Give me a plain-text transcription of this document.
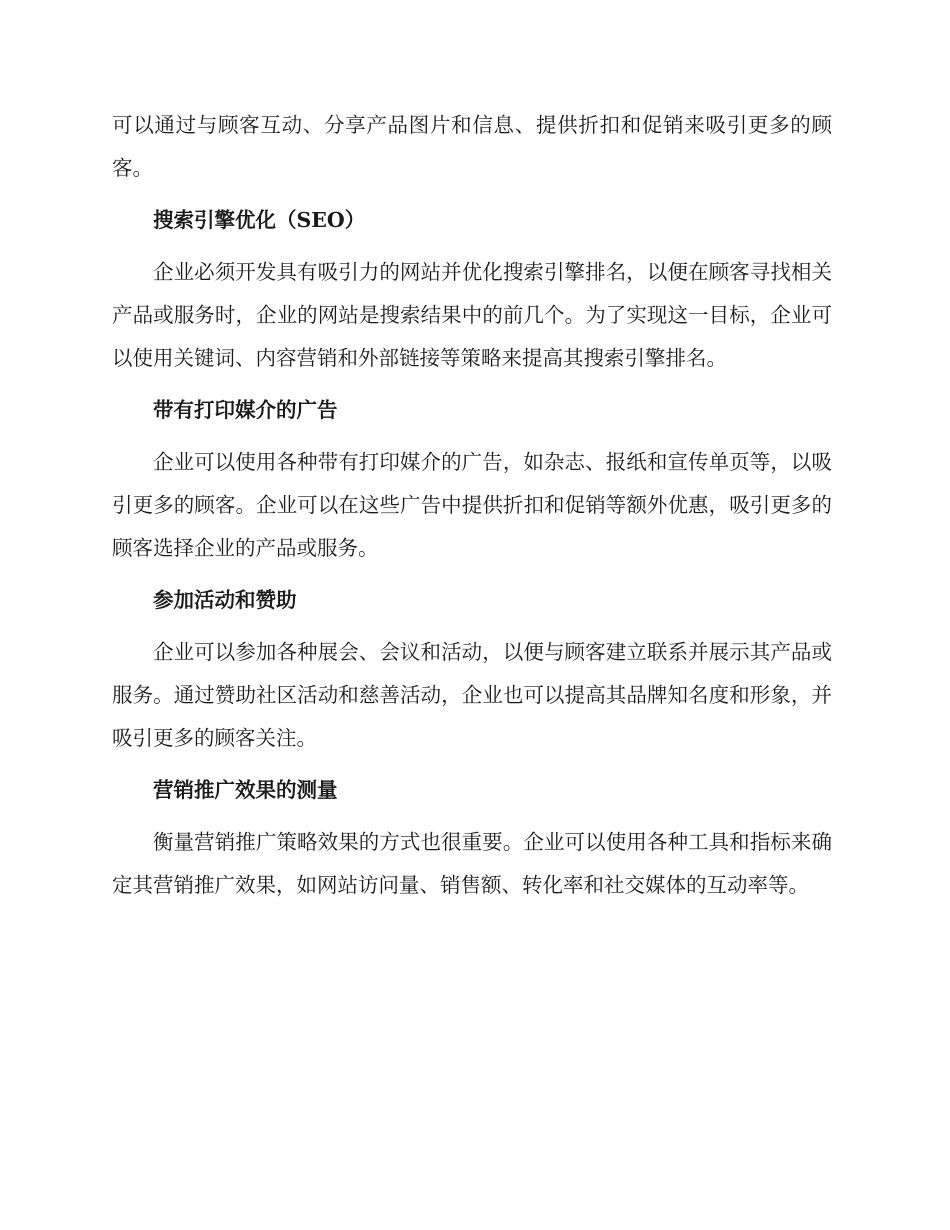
可以通过与顾客互动、分享产品图片和信息、提供折扣和促销来吸引更多的顾客。

搜索引擎优化（SEO）

企业必须开发具有吸引力的网站并优化搜索引擎排名，以便在顾客寻找相关产品或服务时，企业的网站是搜索结果中的前几个。为了实现这一目标，企业可以使用关键词、内容营销和外部链接等策略来提高其搜索引擎排名。

带有打印媒介的广告

企业可以使用各种带有打印媒介的广告，如杂志、报纸和宣传单页等，以吸引更多的顾客。企业可以在这些广告中提供折扣和促销等额外优惠，吸引更多的顾客选择企业的产品或服务。

参加活动和赞助

企业可以参加各种展会、会议和活动，以便与顾客建立联系并展示其产品或服务。通过赞助社区活动和慈善活动，企业也可以提高其品牌知名度和形象，并吸引更多的顾客关注。

营销推广效果的测量

衡量营销推广策略效果的方式也很重要。企业可以使用各种工具和指标来确定其营销推广效果，如网站访问量、销售额、转化率和社交媒体的互动率等。
